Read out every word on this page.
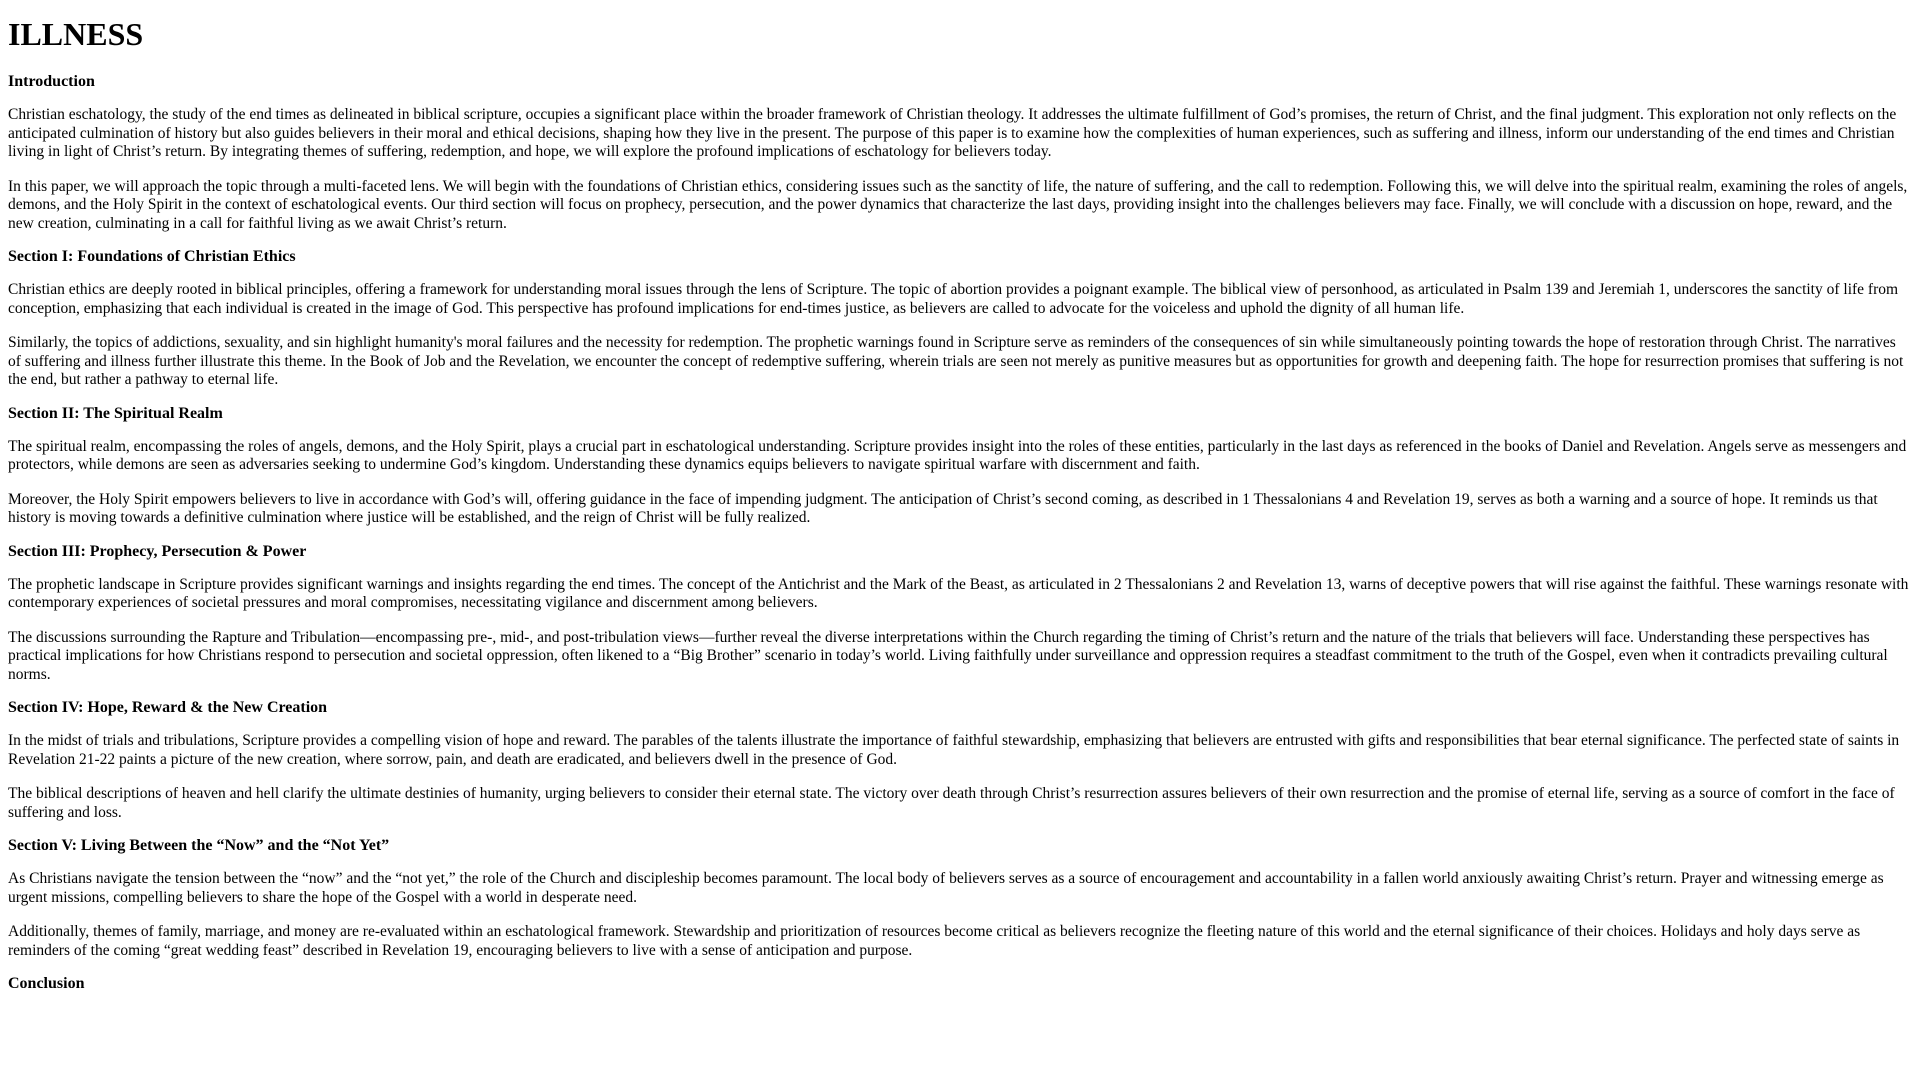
ILLNESS
Introduction

Christian eschatology, the study of the end times as delineated in biblical scripture, occupies a significant place within the broader framework of Christian theology. It addresses the ultimate fulfillment of God’s promises, the return of Christ, and the final judgment. This exploration not only reflects on the anticipated culmination of history but also guides believers in their moral and ethical decisions, shaping how they live in the present. The purpose of this paper is to examine how the complexities of human experiences, such as suffering and illness, inform our understanding of the end times and Christian living in light of Christ’s return. By integrating themes of suffering, redemption, and hope, we will explore the profound implications of eschatology for believers today.

In this paper, we will approach the topic through a multi-faceted lens. We will begin with the foundations of Christian ethics, considering issues such as the sanctity of life, the nature of suffering, and the call to redemption. Following this, we will delve into the spiritual realm, examining the roles of angels, demons, and the Holy Spirit in the context of eschatological events. Our third section will focus on prophecy, persecution, and the power dynamics that characterize the last days, providing insight into the challenges believers may face. Finally, we will conclude with a discussion on hope, reward, and the new creation, culminating in a call for faithful living as we await Christ’s return.

Section I: Foundations of Christian Ethics

Christian ethics are deeply rooted in biblical principles, offering a framework for understanding moral issues through the lens of Scripture. The topic of abortion provides a poignant example. The biblical view of personhood, as articulated in Psalm 139 and Jeremiah 1, underscores the sanctity of life from conception, emphasizing that each individual is created in the image of God. This perspective has profound implications for end-times justice, as believers are called to advocate for the voiceless and uphold the dignity of all human life.

Similarly, the topics of addictions, sexuality, and sin highlight humanity's moral failures and the necessity for redemption. The prophetic warnings found in Scripture serve as reminders of the consequences of sin while simultaneously pointing towards the hope of restoration through Christ. The narratives of suffering and illness further illustrate this theme. In the Book of Job and the Revelation, we encounter the concept of redemptive suffering, wherein trials are seen not merely as punitive measures but as opportunities for growth and deepening faith. The hope for resurrection promises that suffering is not the end, but rather a pathway to eternal life.

Section II: The Spiritual Realm

The spiritual realm, encompassing the roles of angels, demons, and the Holy Spirit, plays a crucial part in eschatological understanding. Scripture provides insight into the roles of these entities, particularly in the last days as referenced in the books of Daniel and Revelation. Angels serve as messengers and protectors, while demons are seen as adversaries seeking to undermine God’s kingdom. Understanding these dynamics equips believers to navigate spiritual warfare with discernment and faith.

Moreover, the Holy Spirit empowers believers to live in accordance with God’s will, offering guidance in the face of impending judgment. The anticipation of Christ’s second coming, as described in 1 Thessalonians 4 and Revelation 19, serves as both a warning and a source of hope. It reminds us that history is moving towards a definitive culmination where justice will be established, and the reign of Christ will be fully realized.

Section III: Prophecy, Persecution & Power

The prophetic landscape in Scripture provides significant warnings and insights regarding the end times. The concept of the Antichrist and the Mark of the Beast, as articulated in 2 Thessalonians 2 and Revelation 13, warns of deceptive powers that will rise against the faithful. These warnings resonate with contemporary experiences of societal pressures and moral compromises, necessitating vigilance and discernment among believers.

The discussions surrounding the Rapture and Tribulation—encompassing pre-, mid-, and post-tribulation views—further reveal the diverse interpretations within the Church regarding the timing of Christ’s return and the nature of the trials that believers will face. Understanding these perspectives has practical implications for how Christians respond to persecution and societal oppression, often likened to a “Big Brother” scenario in today’s world. Living faithfully under surveillance and oppression requires a steadfast commitment to the truth of the Gospel, even when it contradicts prevailing cultural norms.

Section IV: Hope, Reward & the New Creation

In the midst of trials and tribulations, Scripture provides a compelling vision of hope and reward. The parables of the talents illustrate the importance of faithful stewardship, emphasizing that believers are entrusted with gifts and responsibilities that bear eternal significance. The perfected state of saints in Revelation 21-22 paints a picture of the new creation, where sorrow, pain, and death are eradicated, and believers dwell in the presence of God.

The biblical descriptions of heaven and hell clarify the ultimate destinies of humanity, urging believers to consider their eternal state. The victory over death through Christ’s resurrection assures believers of their own resurrection and the promise of eternal life, serving as a source of comfort in the face of suffering and loss.

Section V: Living Between the “Now” and the “Not Yet”

As Christians navigate the tension between the “now” and the “not yet,” the role of the Church and discipleship becomes paramount. The local body of believers serves as a source of encouragement and accountability in a fallen world anxiously awaiting Christ’s return. Prayer and witnessing emerge as urgent missions, compelling believers to share the hope of the Gospel with a world in desperate need.

Additionally, themes of family, marriage, and money are re-evaluated within an eschatological framework. Stewardship and prioritization of resources become critical as believers recognize the fleeting nature of this world and the eternal significance of their choices. Holidays and holy days serve as reminders of the coming “great wedding feast” described in Revelation 19, encouraging believers to live with a sense of anticipation and purpose.

Conclusion
